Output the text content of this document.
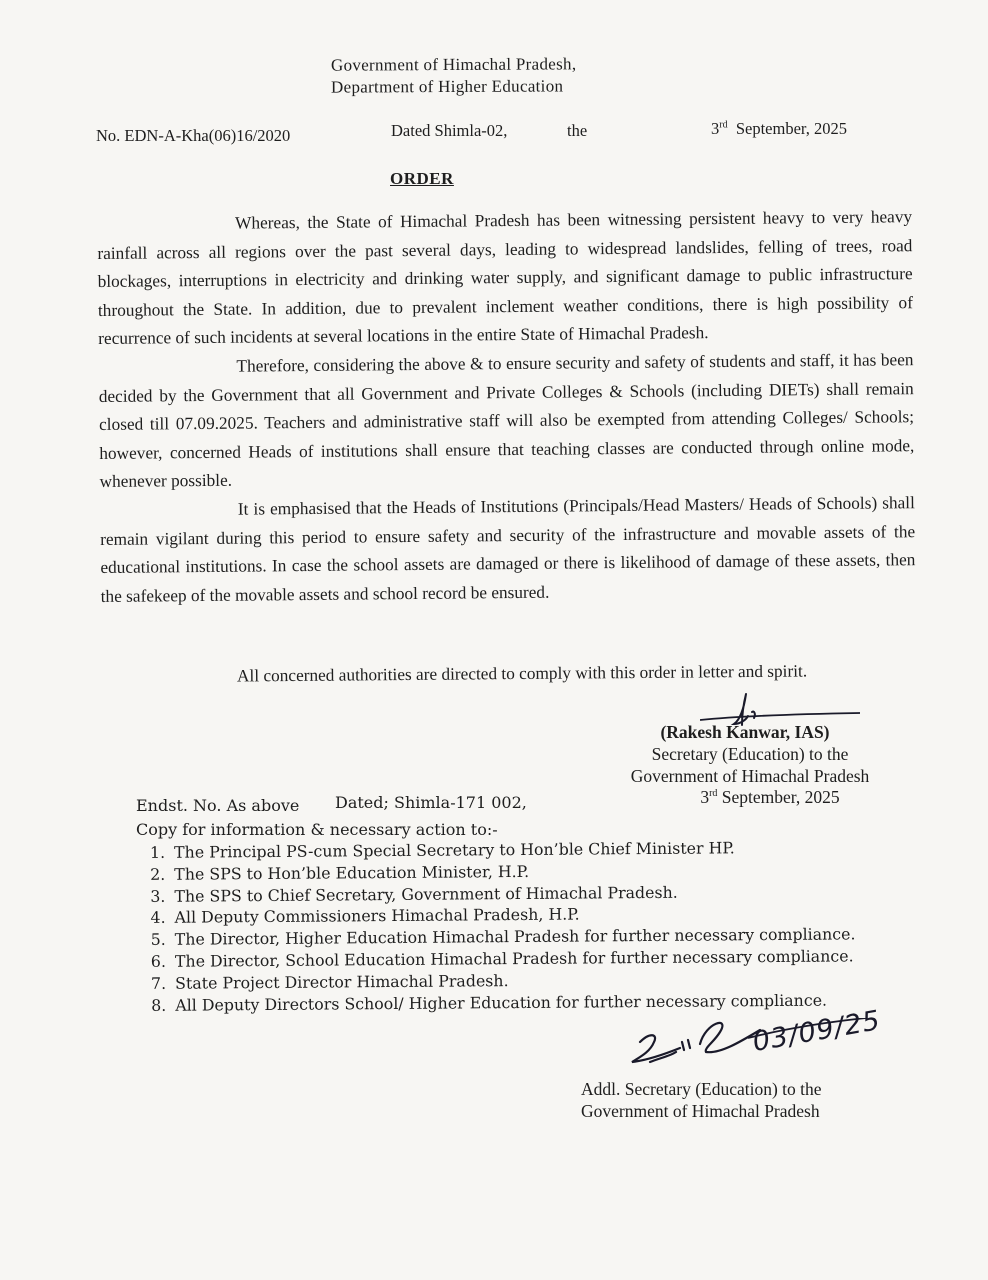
Government of Himachal Pradesh,
Department of Higher Education
No. EDN-A-Kha(06)16/2020	Dated Shimla-02,	the	3rd September, 2025
ORDER

Whereas, the State of Himachal Pradesh has been witnessing persistent heavy to very heavy rainfall across all regions over the past several days, leading to widespread landslides, felling of trees, road blockages, interruptions in electricity and drinking water supply, and significant damage to public infrastructure throughout the State. In addition, due to prevalent inclement weather conditions, there is high possibility of recurrence of such incidents at several locations in the entire State of Himachal Pradesh.

Therefore, considering the above & to ensure security and safety of students and staff, it has been decided by the Government that all Government and Private Colleges & Schools (including DIETs) shall remain closed till 07.09.2025. Teachers and administrative staff will also be exempted from attending Colleges/ Schools; however, concerned Heads of institutions shall ensure that teaching classes are conducted through online mode, whenever possible.

It is emphasised that the Heads of Institutions (Principals/Head Masters/ Heads of Schools) shall remain vigilant during this period to ensure safety and security of the infrastructure and movable assets of the educational institutions. In case the school assets are damaged or there is likelihood of damage of these assets, then the safekeep of the movable assets and school record be ensured.

All concerned authorities are directed to comply with this order in letter and spirit.
(Rakesh Kanwar, IAS)
Secretary (Education) to the
Government of Himachal Pradesh
3rd September, 2025
Endst. No. As above Dated; Shimla-171 002,
Copy for information & necessary action to:-
1. The Principal PS-cum Special Secretary to Hon’ble Chief Minister HP.
2. The SPS to Hon’ble Education Minister, H.P.
3. The SPS to Chief Secretary, Government of Himachal Pradesh.
4. All Deputy Commissioners Himachal Pradesh, H.P.
5. The Director, Higher Education Himachal Pradesh for further necessary compliance.
6. The Director, School Education Himachal Pradesh for further necessary compliance.
7. State Project Director Himachal Pradesh.
8. All Deputy Directors School/ Higher Education for further necessary compliance.
03/09/25
Addl. Secretary (Education) to the
Government of Himachal Pradesh
